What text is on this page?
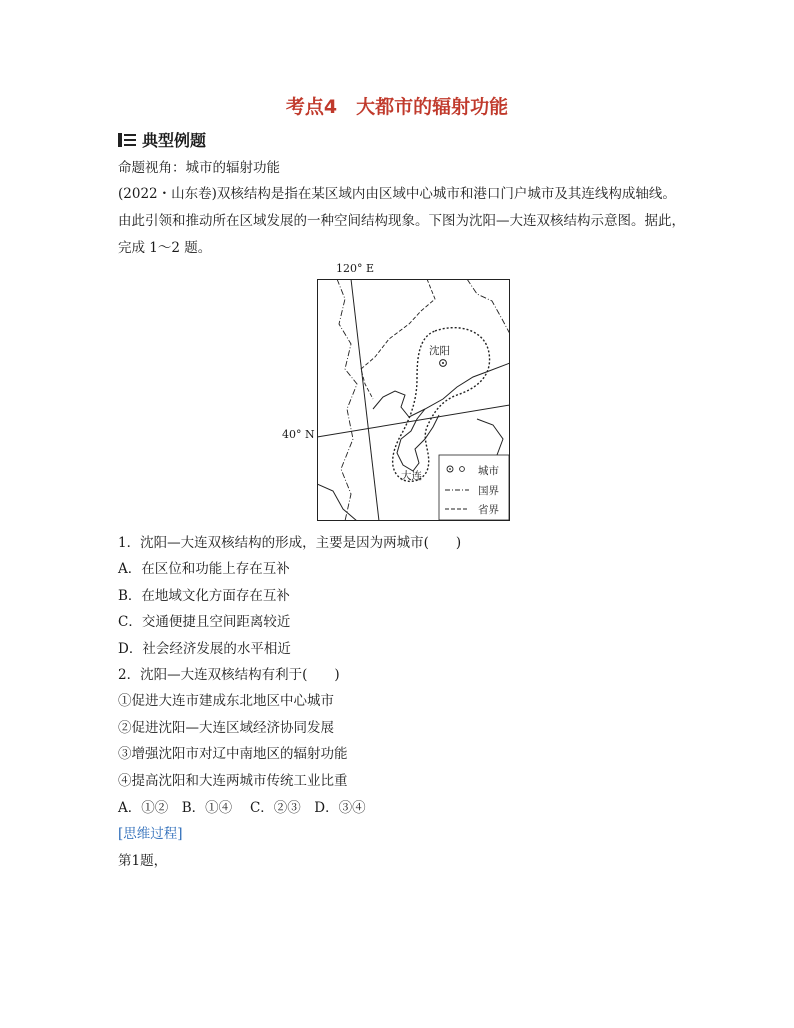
考点4　大都市的辐射功能
典型例题
命题视角：城市的辐射功能
(2022・山东卷)双核结构是指在某区域内由区域中心城市和港口门户城市及其连线构成轴线。
由此引领和推动所在区域发展的一种空间结构现象。下图为沈阳—大连双核结构示意图。据此，
完成 1～2 题。
120° E
40° N
沈阳
大连	城市
国界
省界
1．沈阳—大连双核结构的形成，主要是因为两城市(　　)
A．在区位和功能上存在互补
B．在地域文化方面存在互补
C．交通便捷且空间距离较近
D．社会经济发展的水平相近
2．沈阳—大连双核结构有利于(　　)
①促进大连市建成东北地区中心城市
②促进沈阳—大连区域经济协同发展
③增强沈阳市对辽中南地区的辐射功能
④提高沈阳和大连两城市传统工业比重
A．①②　B．①④　 C．②③　D．③④
[思维过程]
第1题，
